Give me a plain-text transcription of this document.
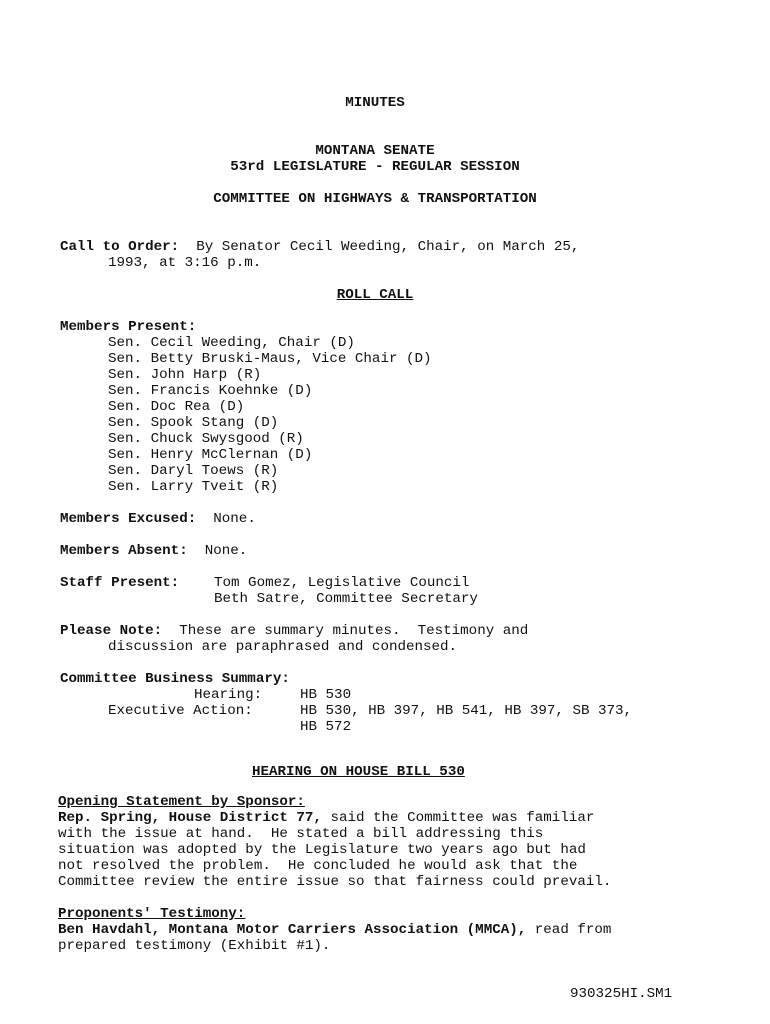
MINUTES
MONTANA SENATE
53rd LEGISLATURE - REGULAR SESSION
COMMITTEE ON HIGHWAYS & TRANSPORTATION
Call to Order: By Senator Cecil Weeding, Chair, on March 25,
1993, at 3:16 p.m.
ROLL CALL
Members Present:
Sen. Cecil Weeding, Chair (D)
Sen. Betty Bruski-Maus, Vice Chair (D)
Sen. John Harp (R)
Sen. Francis Koehnke (D)
Sen. Doc Rea (D)
Sen. Spook Stang (D)
Sen. Chuck Swysgood (R)
Sen. Henry McClernan (D)
Sen. Daryl Toews (R)
Sen. Larry Tveit (R)
Members Excused: None.
Members Absent: None.
Staff Present: Tom Gomez, Legislative Council
Beth Satre, Committee Secretary
Please Note: These are summary minutes.  Testimony and
discussion are paraphrased and condensed.
Committee Business Summary:
Hearing:	HB 530
Executive Action:	HB 530, HB 397, HB 541, HB 397, SB 373,
HB 572
HEARING ON HOUSE BILL 530
Opening Statement by Sponsor:
Rep. Spring, House District 77, said the Committee was familiar
with the issue at hand.  He stated a bill addressing this
situation was adopted by the Legislature two years ago but had
not resolved the problem.  He concluded he would ask that the
Committee review the entire issue so that fairness could prevail.
Proponents' Testimony:
Ben Havdahl, Montana Motor Carriers Association (MMCA), read from
prepared testimony (Exhibit #1).
930325HI.SM1
